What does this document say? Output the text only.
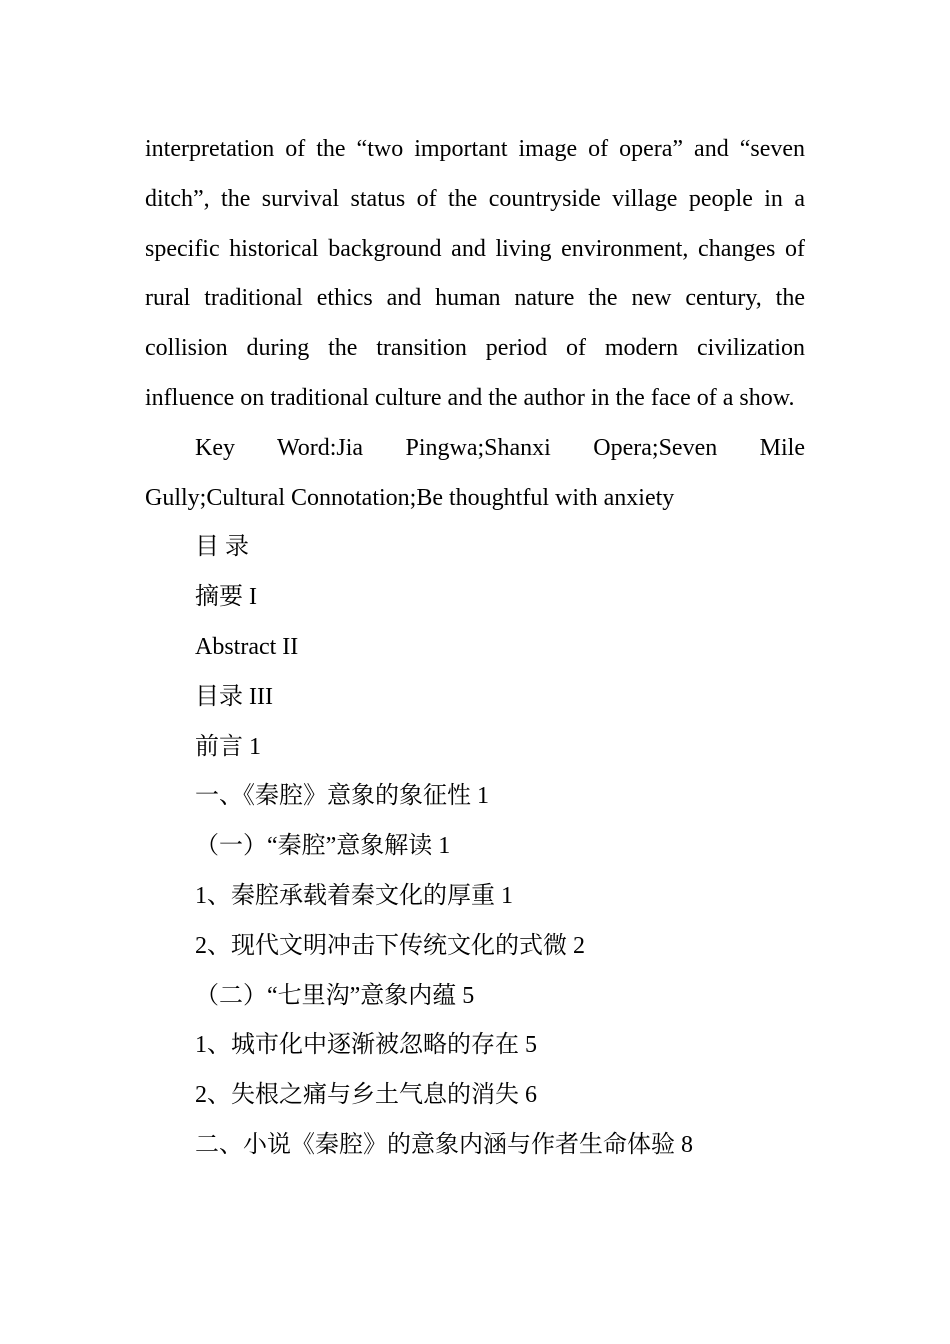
interpretation of the “two important image of opera” and “seven ditch”, the survival status of the countryside village people in a specific historical background and living environment, changes of rural traditional ethics and human nature the new century, the collision during the transition period of modern civilization influence on traditional culture and the author in the face of a show.

Key Word:Jia Pingwa;Shanxi Opera;Seven Mile Gully;Cultural Connotation;Be thoughtful with anxiety

目 录
摘要 I
Abstract II
目录 III
前言 1
一、《秦腔》意象的象征性 1
（一）“秦腔”意象解读 1
1、秦腔承载着秦文化的厚重 1
2、现代文明冲击下传统文化的式微 2
（二）“七里沟”意象内蕴 5
1、城市化中逐渐被忽略的存在 5
2、失根之痛与乡土气息的消失 6
二、小说《秦腔》的意象内涵与作者生命体验 8
